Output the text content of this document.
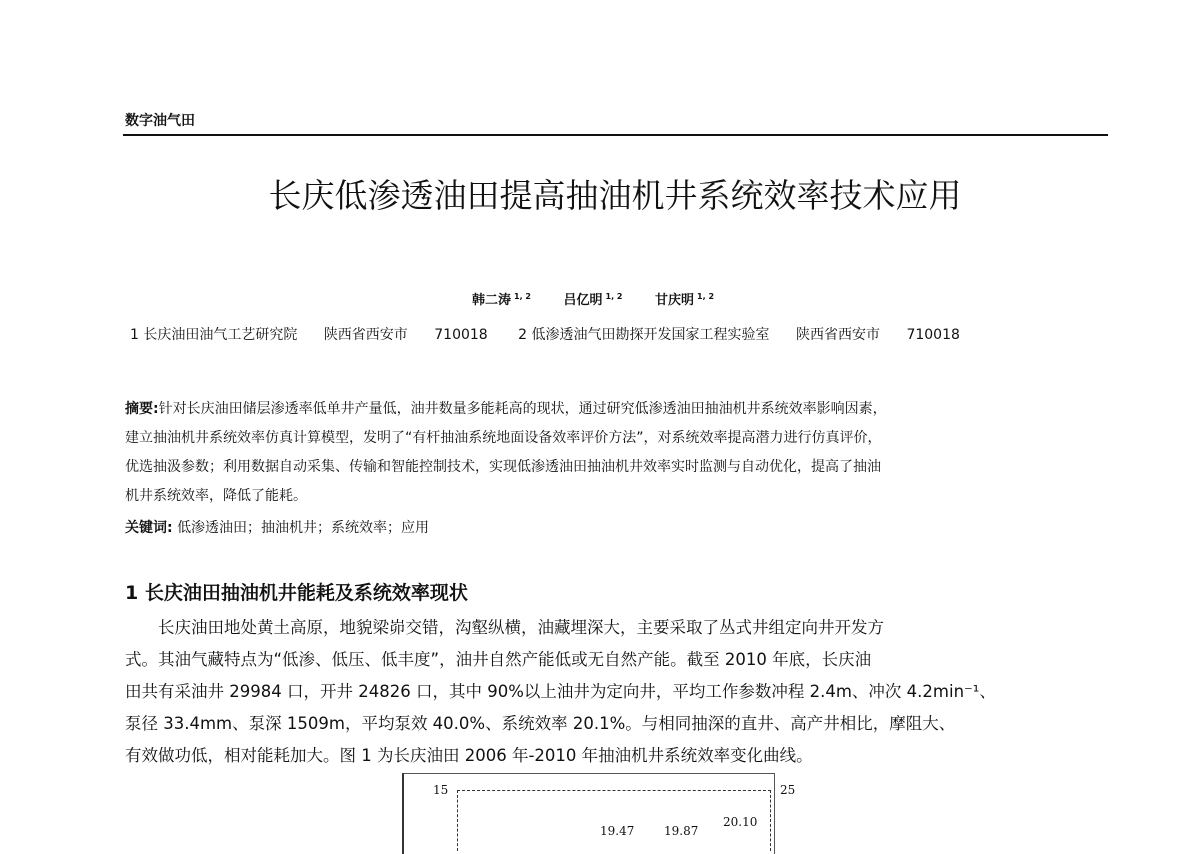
数字油气田
长庆低渗透油田提高抽油机井系统效率技术应用
韩二涛 $^{1, 2}$	吕亿明 $^{1, 2}$	甘庆明 $^{1, 2}$
1 长庆油田油气工艺研究院 陕西省西安市 710018 2 低渗透油气田勘探开发国家工程实验室 陕西省西安市 710018
摘要:针对长庆油田储层渗透率低单井产量低，油井数量多能耗高的现状，通过研究低渗透油田抽油机井系统效率影响因素，
建立抽油机井系统效率仿真计算模型，发明了“有杆抽油系统地面设备效率评价方法”，对系统效率提高潜力进行仿真评价，
优选抽汲参数；利用数据自动采集、传输和智能控制技术，实现低渗透油田抽油机井效率实时监测与自动优化，提高了抽油
机井系统效率，降低了能耗。
关键词: 低渗透油田；抽油机井；系统效率；应用
1 长庆油田抽油机井能耗及系统效率现状
长庆油田地处黄土高原，地貌梁峁交错，沟壑纵横，油藏埋深大，主要采取了丛式井组定向井开发方
式。其油气藏特点为“低渗、低压、低丰度”，油井自然产能低或无自然产能。截至 2010 年底，长庆油
田共有采油井 29984 口，开井 24826 口，其中 90%以上油井为定向井，平均工作参数冲程 2.4m、冲次 4.2min⁻¹、
泵径 33.4mm、泵深 1509m，平均泵效 40.0%、系统效率 20.1%。与相同抽深的直井、高产井相比，摩阻大、
有效做功低，相对能耗加大。图 1 为长庆油田 2006 年-2010 年抽油机井系统效率变化曲线。
15	25
19.47 19.87
20.10
